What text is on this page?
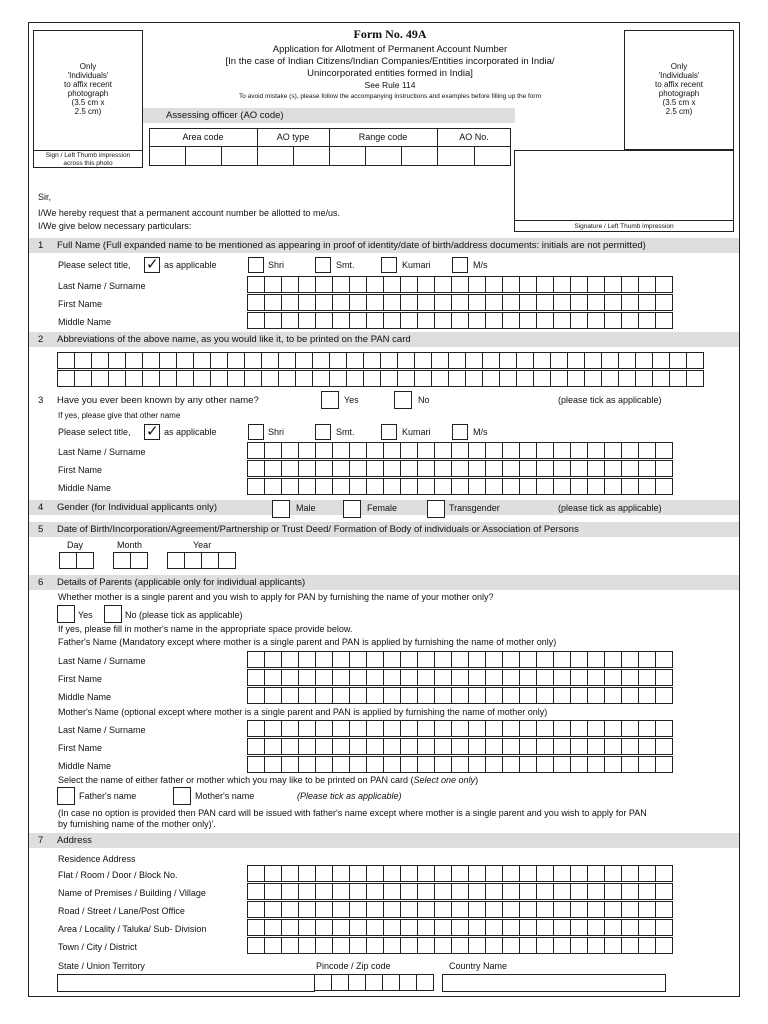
Form No. 49A
Application for Allotment of Permanent Account Number
[In the case of Indian Citizens/Indian Companies/Entities incorporated in India/
Unincorporated entities formed in India]
See Rule 114
To avoid mistake (s), please follow the accompanying instructions and examples before filling up the form
Only
'Individuals'
to affix recent
photograph
(3.5 cm x
2.5 cm)
Sign / Left Thumb impression
across this photo
Only
'Individuals'
to affix recent
photograph
(3.5 cm x
2.5 cm)
Signature / Left Thumb impression
Assessing officer (AO code)
Area code	AO type	Range code	AO No.
Sir,
I/We hereby request that a permanent account number be allotted to me/us.
I/We give below necessary particulars:
1 Full Name (Full expanded name to be mentioned as appearing in proof of identity/date of birth/address documents: initials are not permitted)
Please select title, ✓ as applicable	Shri	Smt.	Kumari	M/s
Last Name / Surname
First Name
Middle Name
2 Abbreviations of the above name, as you would like it, to be printed on the PAN card
3 Have you ever been known by any other name?	Yes	No	(please tick as applicable)
If yes, please give that other name
Please select title, ✓ as applicable	Shri	Smt.	Kumari	M/s
Last Name / Surname
First Name
Middle Name
4 Gender (for Individual applicants only)	Male	Female	Transgender	(please tick as applicable)
5 Date of Birth/Incorporation/Agreement/Partnership or Trust Deed/ Formation of Body of individuals or Association of Persons
Day	Month	Year
6 Details of Parents (applicable only for individual applicants)
Whether mother is a single parent and you wish to apply for PAN by furnishing the name of your mother only?
Yes	No (please tick as applicable)
If yes, please fill in mother's name in the appropriate space provide below.
Father's Name (Mandatory except where mother is a single parent and PAN is applied by furnishing the name of mother only)
Last Name / Surname
First Name
Middle Name
Mother's Name (optional except where mother is a single parent and PAN is applied by furnishing the name of mother only)
Last Name / Surname
First Name
Middle Name
Select the name of either father or mother which you may like to be printed on PAN card (Select one only)
Father's name	Mother's name	(Please tick as applicable)
(In case no option is provided then PAN card will be issued with father's name except where mother is a single parent and you wish to apply for PAN
by furnishing name of the mother only)'.
7 Address
Residence Address
Flat / Room / Door / Block No.
Name of Premises / Building / Village
Road / Street / Lane/Post Office
Area / Locality / Taluka/ Sub- Division
Town / City / District
State / Union Territory	Pincode / Zip code	Country Name
